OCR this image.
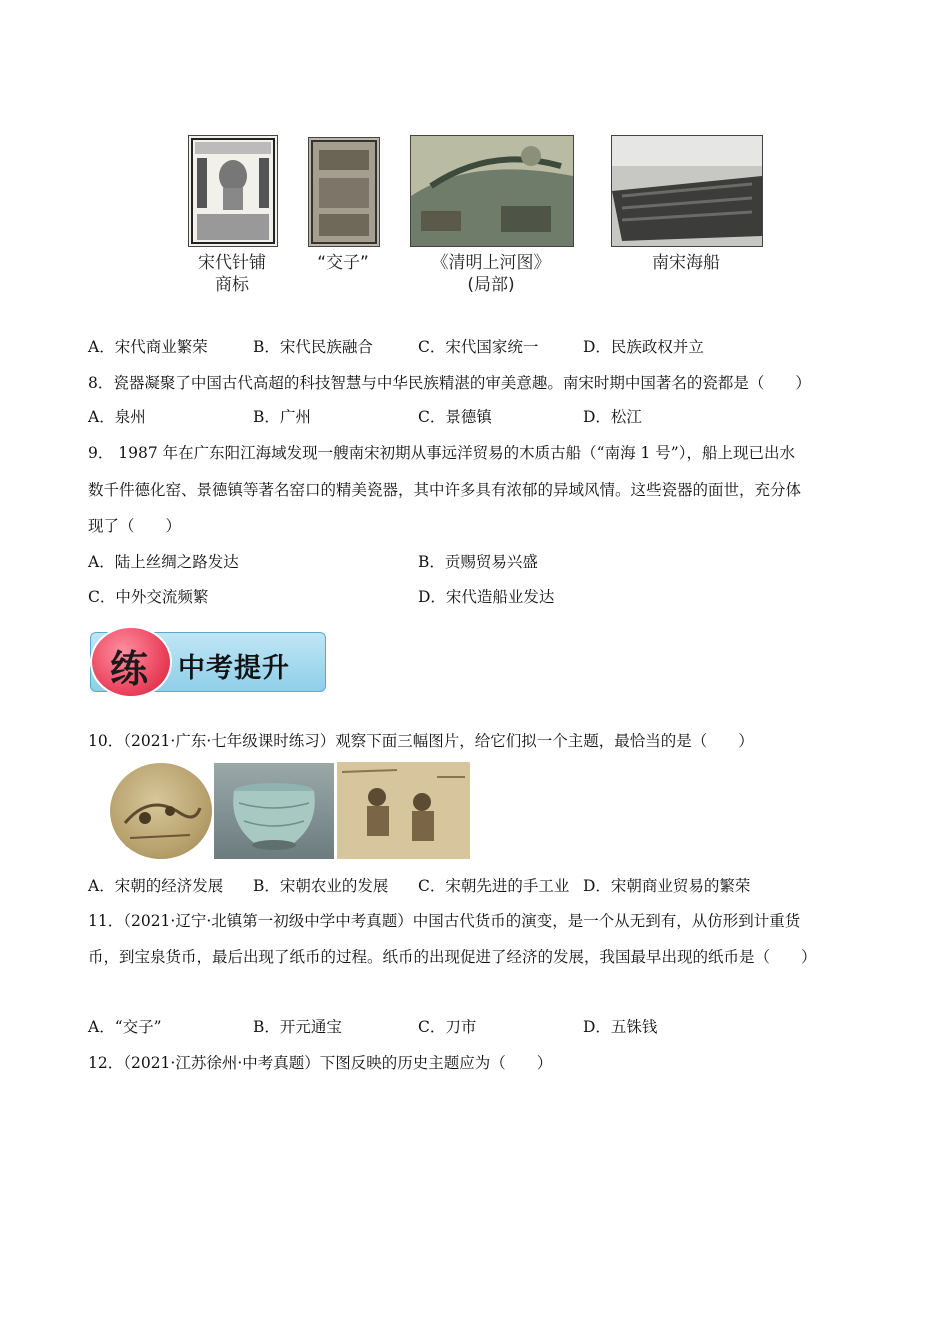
宋代针铺
商标
“交子”	《清明上河图》
(局部)
南宋海船
A．宋代商业繁荣	B．宋代民族融合	C．宋代国家统一	D．民族政权并立
8．瓷器凝聚了中国古代高超的科技智慧与中华民族精湛的审美意趣。南宋时期中国著名的瓷都是（　　）
A．泉州	B．广州	C．景德镇	D．松江
9． 1987 年在广东阳江海域发现一艘南宋初期从事远洋贸易的木质古船（“南海 1 号”），船上现已出水
数千件德化窑、景德镇等著名窑口的精美瓷器，其中许多具有浓郁的异域风情。这些瓷器的面世，充分体
现了（　　）
A．陆上丝绸之路发达	B．贡赐贸易兴盛
C．中外交流频繁	D．宋代造船业发达
练	中考提升
10．（2021·广东·七年级课时练习）观察下面三幅图片，给它们拟一个主题，最恰当的是（　　）
A．宋朝的经济发展 B．宋朝农业的发展 C．宋朝先进的手工业 D．宋朝商业贸易的繁荣
11．（2021·辽宁·北镇第一初级中学中考真题）中国古代货币的演变，是一个从无到有，从仿形到计重货
币，到宝泉货币，最后出现了纸币的过程。纸币的出现促进了经济的发展，我国最早出现的纸币是（　　）
A．“交子”	B．开元通宝	C．刀市	D．五铢钱
12．（2021·江苏徐州·中考真题）下图反映的历史主题应为（　　）
